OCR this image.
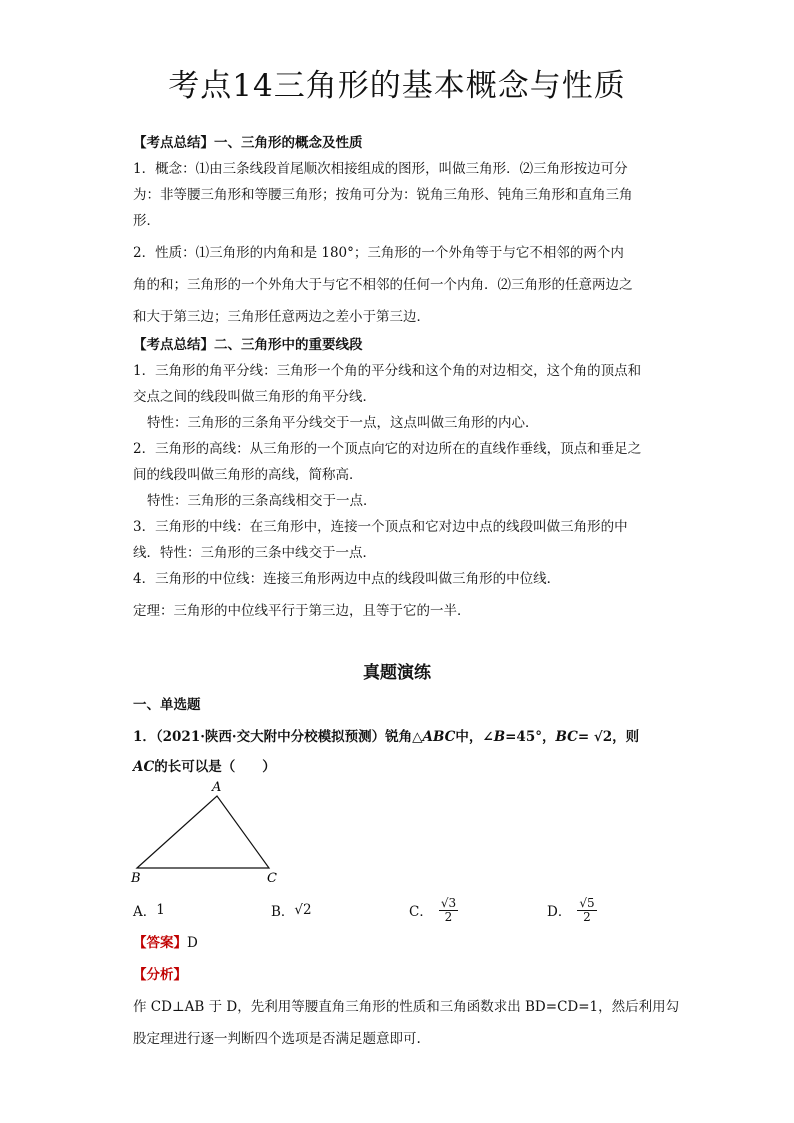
考点14三角形的基本概念与性质
【考点总结】一、三角形的概念及性质
1．概念：⑴由三条线段首尾顺次相接组成的图形，叫做三角形．⑵三角形按边可分
为：非等腰三角形和等腰三角形；按角可分为：锐角三角形、钝角三角形和直角三角
形．
2．性质：⑴三角形的内角和是 180°；三角形的一个外角等于与它不相邻的两个内
角的和；三角形的一个外角大于与它不相邻的任何一个内角．⑵三角形的任意两边之
和大于第三边；三角形任意两边之差小于第三边．
【考点总结】二、三角形中的重要线段
1．三角形的角平分线：三角形一个角的平分线和这个角的对边相交，这个角的顶点和
交点之间的线段叫做三角形的角平分线．
特性：三角形的三条角平分线交于一点，这点叫做三角形的内心．
2．三角形的高线：从三角形的一个顶点向它的对边所在的直线作垂线，顶点和垂足之
间的线段叫做三角形的高线，简称高．
特性：三角形的三条高线相交于一点．
3．三角形的中线：在三角形中，连接一个顶点和它对边中点的线段叫做三角形的中
线．特性：三角形的三条中线交于一点．
4．三角形的中位线：连接三角形两边中点的线段叫做三角形的中位线．
定理：三角形的中位线平行于第三边，且等于它的一半．
真题演练
一、单选题
1．（2021·陕西·交大附中分校模拟预测）锐角△ABC中，∠B=45°，BC= √2，则
AC的长可以是（　　）
A
B	C
A． 1	B． √2	C． $\frac{√3}{2}$	D． $\frac{√5}{2}$
【答案】D
【分析】
作 CD⊥AB 于 D，先利用等腰直角三角形的性质和三角函数求出 BD=CD=1，然后利用勾
股定理进行逐一判断四个选项是否满足题意即可.
